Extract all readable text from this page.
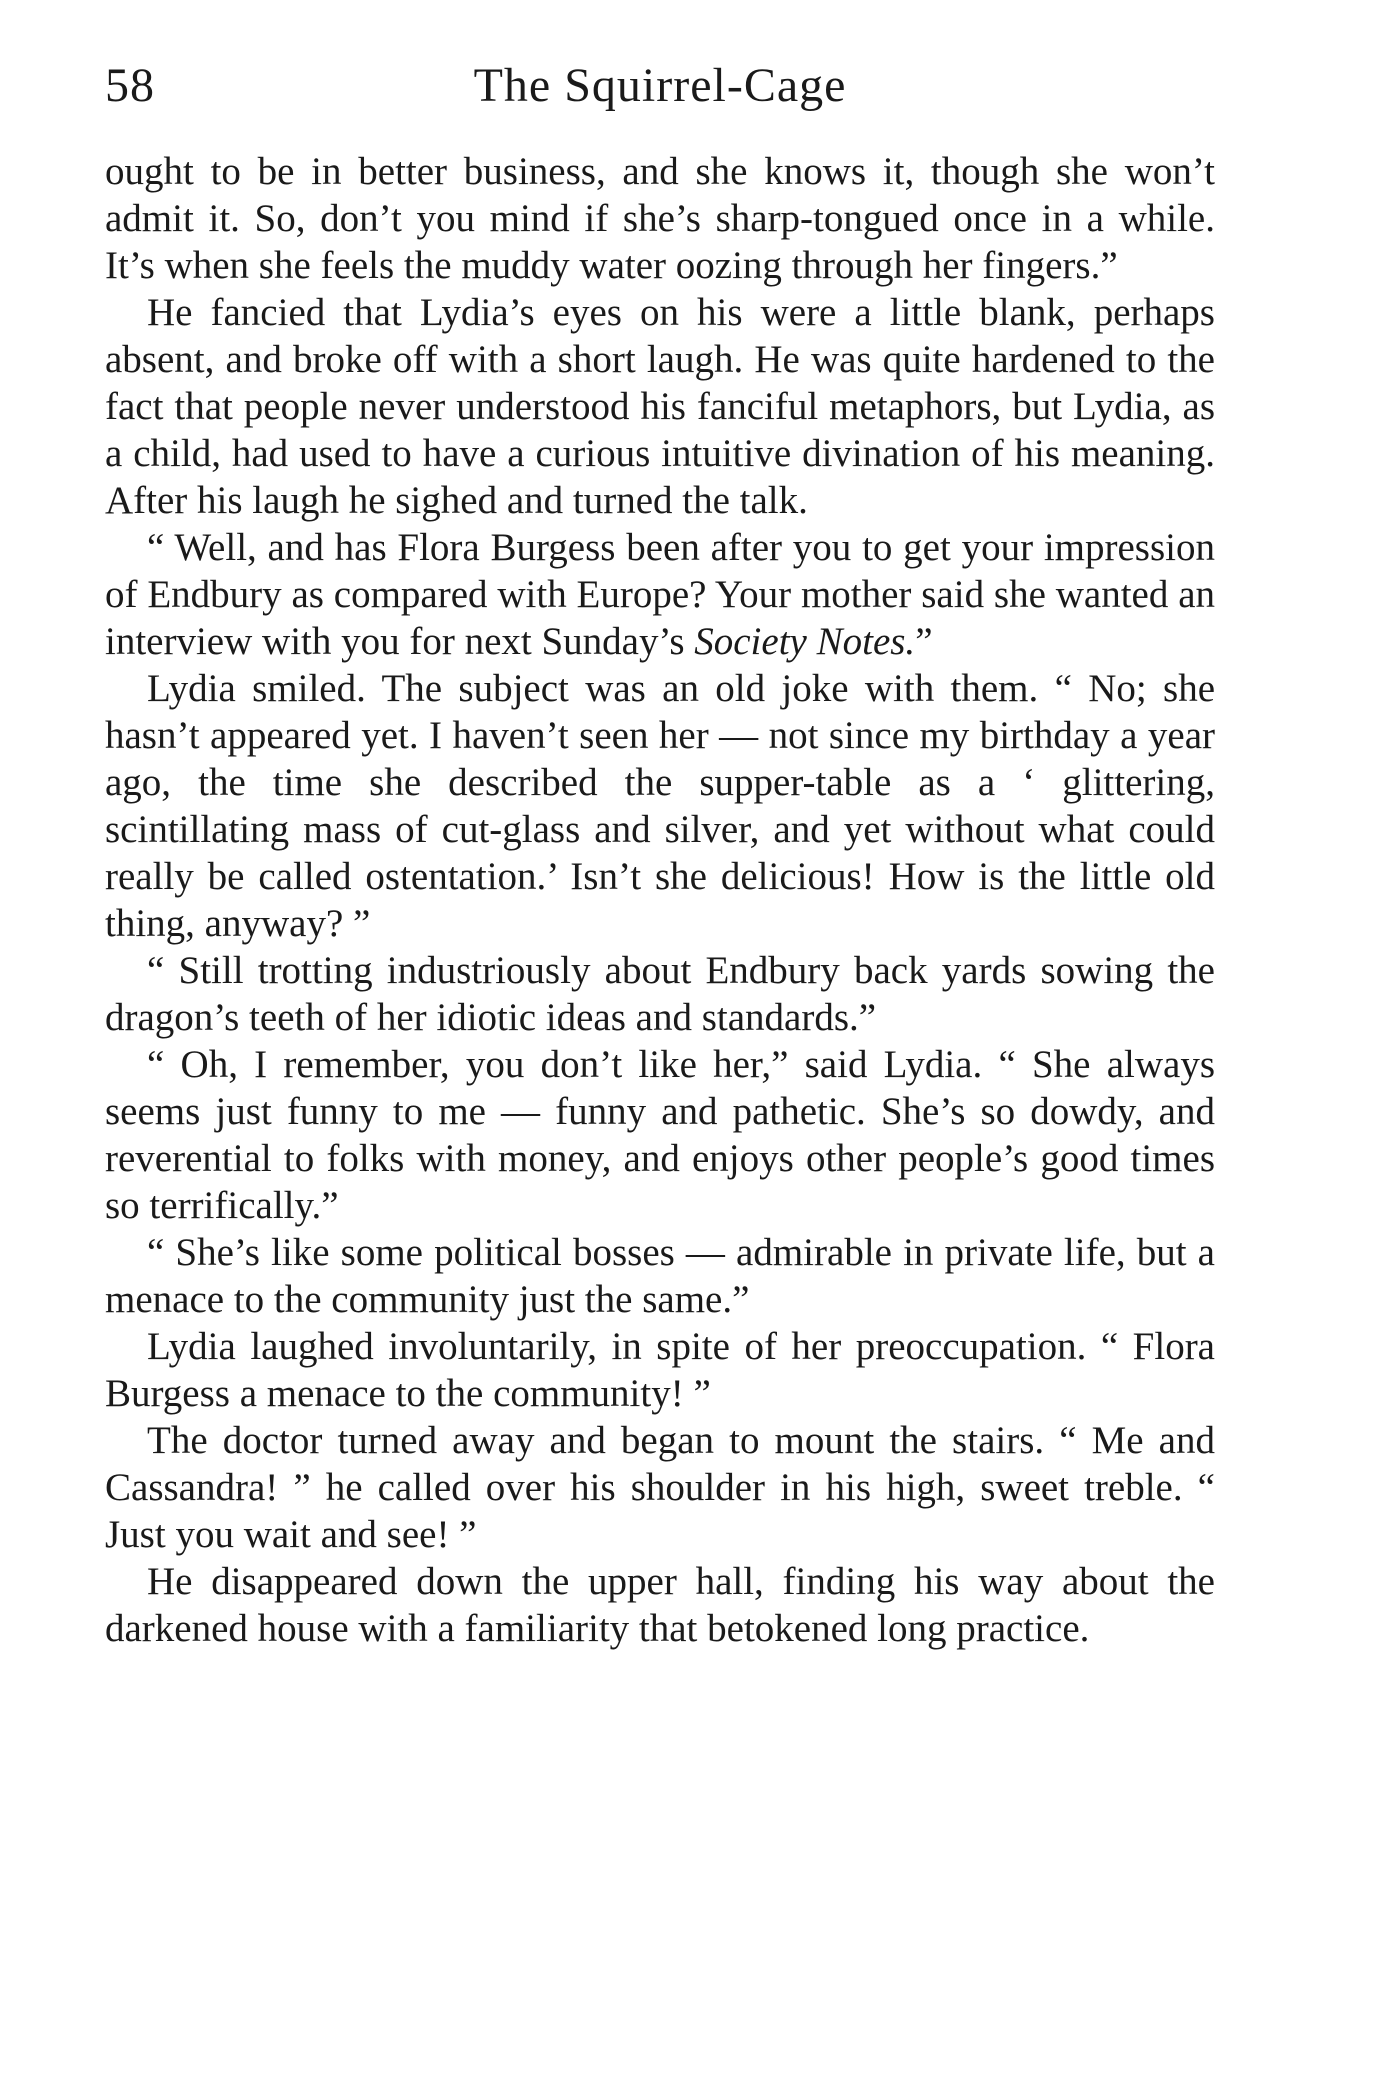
58	The Squirrel-Cage

ought to be in better business, and she knows it, though she won’t admit it. So, don’t you mind if she’s sharp-tongued once in a while. It’s when she feels the muddy water oozing through her fingers.”

He fancied that Lydia’s eyes on his were a little blank, perhaps absent, and broke off with a short laugh. He was quite hardened to the fact that people never understood his fanciful metaphors, but Lydia, as a child, had used to have a curious intuitive divination of his meaning. After his laugh he sighed and turned the talk.

“ Well, and has Flora Burgess been after you to get your impression of Endbury as compared with Europe? Your mother said she wanted an interview with you for next Sunday’s Society Notes.”

Lydia smiled. The subject was an old joke with them. “ No; she hasn’t appeared yet. I haven’t seen her — not since my birthday a year ago, the time she described the supper-table as a ‘ glittering, scintillating mass of cut-glass and silver, and yet without what could really be called ostentation.’ Isn’t she delicious! How is the little old thing, anyway? ”

“ Still trotting industriously about Endbury back yards sowing the dragon’s teeth of her idiotic ideas and standards.”

“ Oh, I remember, you don’t like her,” said Lydia. “ She always seems just funny to me — funny and pathetic. She’s so dowdy, and reverential to folks with money, and enjoys other people’s good times so terrifically.”

“ She’s like some political bosses — admirable in private life, but a menace to the community just the same.”

Lydia laughed involuntarily, in spite of her preoccupation. “ Flora Burgess a menace to the community! ”

The doctor turned away and began to mount the stairs. “ Me and Cassandra! ” he called over his shoulder in his high, sweet treble. “ Just you wait and see! ”

He disappeared down the upper hall, finding his way about the darkened house with a familiarity that betokened long practice.
